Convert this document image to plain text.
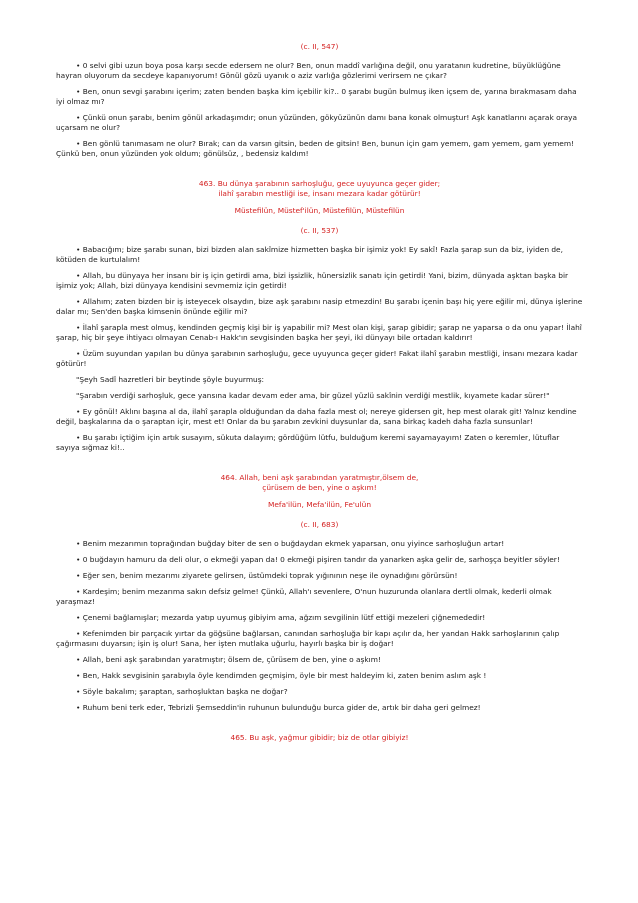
(c. II, 547)

• 0 selvi gibi uzun boya posa karşı secde edersem ne olur? Ben, onun maddî varlığına değil, onu yaratanın kudretine, büyüklüğüne hayran oluyorum da secdeye kapanıyorum! Gönül gözü uyanık o aziz varlığa gözlerimi verirsem ne çıkar?

• Ben, onun sevgi şarabını içerim; zaten benden başka kim içebilir ki?.. 0 şarabı bugün bulmuş iken içsem de, yarına bırakmasam daha iyi olmaz mı?

• Çünkü onun şarabı, benim gönül arkadaşımdır; onun yüzünden, gökyüzünün damı bana konak olmuştur! Aşk kanatlarını açarak oraya uçarsam ne olur?

• Ben gönlü tanımasam ne olur? Bırak; can da varsın gitsin, beden de gitsin! Ben, bunun için gam yemem, gam yemem, gam yemem! Çünkü ben, onun yüzünden yok oldum; gönülsüz, , bedensiz kaldım!

463. Bu dünya şarabının sarhoşluğu, gece uyuyunca geçer gider;
ilahî şarabın mestliği ise, insanı mezara kadar götürür!

Müstefilün, Müstef'ilün, Müstefilün, Müstefilün

(c. II, 537)

• Babacığım; bize şarabı sunan, bizi bizden alan sakîmize hizmetten başka bir işimiz yok! Ey sakî! Fazla şarap sun da biz, iyiden de, kötüden de kurtulalım!

• Allah, bu dünyaya her insanı bir iş için getirdi ama, bizi işsizlik, hünersizlik sanatı için getirdi! Yani, bizim, dünyada aşktan başka bir işimiz yok; Allah, bizi dünyaya kendisini sevmemiz için getirdi!

• Allahım; zaten bizden bir iş isteyecek olsaydın, bize aşk şarabını nasip etmezdin! Bu şarabı içenin başı hiç yere eğilir mi, dünya işlerine dalar mı; Sen'den başka kimsenin önünde eğilir mi?

• İlahî şarapla mest olmuş, kendinden geçmiş kişi bir iş yapabilir mi? Mest olan kişi, şarap gibidir; şarap ne yaparsa o da onu yapar! İlahî şarap, hiç bir şeye ihtiyacı olmayan Cenab-ı Hakk'ın sevgisinden başka her şeyi, iki dünyayı bile ortadan kaldırır!

• Üzüm suyundan yapılan bu dünya şarabının sarhoşluğu, gece uyuyunca geçer gider! Fakat ilahî şarabın mestliği, insanı mezara kadar götürür!

"Şeyh Sadî hazretleri bir beytinde şöyle buyurmuş:

"Şarabın verdiği sarhoşluk, gece yansına kadar devam eder ama, bir güzel yüzlü sakînin verdiği mestlik, kıyamete kadar sürer!"

• Ey gönül! Aklını başına al da, ilahî şarapla olduğundan da daha fazla mest ol; nereye gidersen git, hep mest olarak git! Yalnız kendine değil, başkalarına da o şaraptan içir, mest et! Onlar da bu şarabın zevkini duysunlar da, sana birkaç kadeh daha fazla sunsunlar!

• Bu şarabı içtiğim için artık susayım, sükuta dalayım; gördüğüm lütfu, bulduğum keremi sayamayayım! Zaten o keremler, lütuflar sayıya sığmaz ki!..

464. Allah, beni aşk şarabından yaratmıştır,ölsem de,
çürüsem de ben, yine o aşkım!

Mefa'ilün, Mefa'ilün, Fe'ulün

(c. II, 683)

• Benim mezarımın toprağından buğday biter de sen o buğdaydan ekmek yaparsan, onu yiyince sarhoşluğun artar!

• 0 buğdayın hamuru da deli olur, o ekmeği yapan da! 0 ekmeği pişiren tandır da yanarken aşka gelir de, sarhoşça beyitler söyler!

• Eğer sen, benim mezarımı ziyarete gelirsen, üstümdeki toprak yığınının neşe ile oynadığını görürsün!

• Kardeşim; benim mezarıma sakın defsiz gelme! Çünkü, Allah'ı sevenlere, O'nun huzurunda olanlara dertli olmak, kederli olmak yaraşmaz!

• Çenemi bağlamışlar; mezarda yatıp uyumuş gibiyim ama, ağzım sevgilinin lütf ettiği mezeleri çiğnemededir!

• Kefenimden bir parçacık yırtar da göğsüne bağlarsan, canından sarhoşluğa bir kapı açılır da, her yandan Hakk sarhoşlarının çalıp çağırmasını duyarsın; işin iş olur! Sana, her işten mutlaka uğurlu, hayırlı başka bir iş doğar!

• Allah, beni aşk şarabından yaratmıştır; ölsem de, çürüsem de ben, yine o aşkım!

• Ben, Hakk sevgisinin şarabıyla öyle kendimden geçmişim, öyle bir mest haldeyim ki, zaten benim aslım aşk !

• Söyle bakalım; şaraptan, sarhoşluktan başka ne doğar?

• Ruhum beni terk eder, Tebrizli Şemseddin'in ruhunun bulunduğu burca gider de, artık bir daha geri gelmez!

465. Bu aşk, yağmur gibidir; biz de otlar gibiyiz!
